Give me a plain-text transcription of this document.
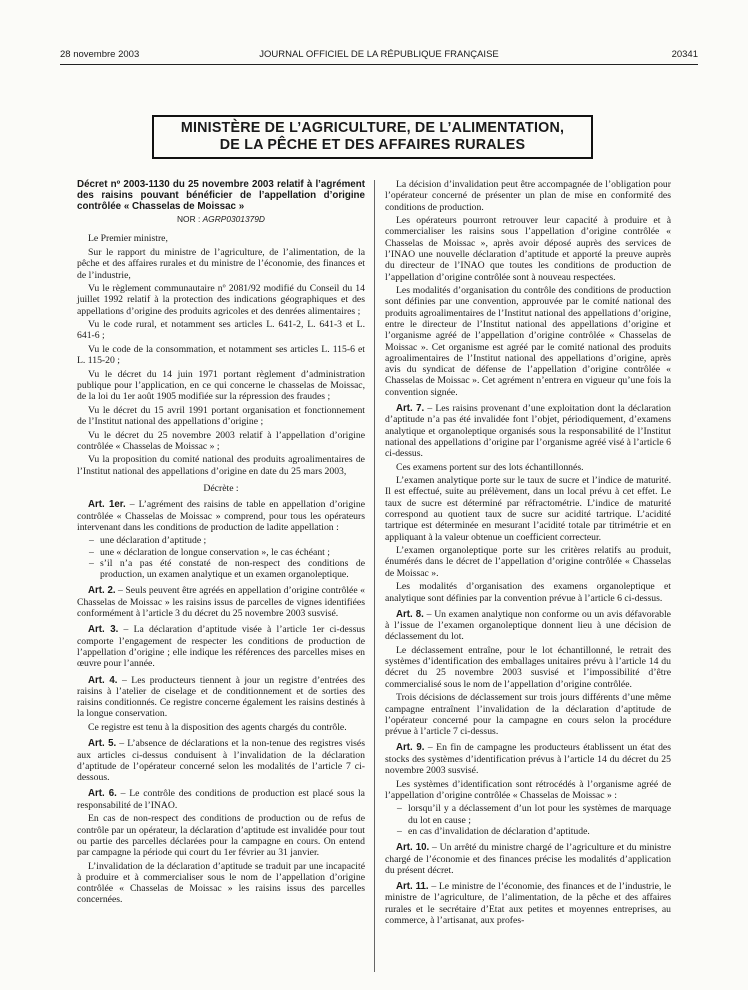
28 novembre 2003	JOURNAL OFFICIEL DE LA RÉPUBLIQUE FRANÇAISE	20341
MINISTÈRE DE L’AGRICULTURE, DE L’ALIMENTATION,
DE LA PÊCHE ET DES AFFAIRES RURALES

Décret nº 2003-1130 du 25 novembre 2003 relatif à l’agrément des raisins pouvant bénéficier de l’appellation d’origine contrôlée « Chasselas de Moissac »

NOR : AGRP0301379D

Le Premier ministre,

Sur le rapport du ministre de l’agriculture, de l’alimentation, de la pêche et des affaires rurales et du ministre de l’économie, des finances et de l’industrie,

Vu le règlement communautaire nº 2081/92 modifié du Conseil du 14 juillet 1992 relatif à la protection des indications géographiques et des appellations d’origine des produits agricoles et des denrées alimentaires ;

Vu le code rural, et notamment ses articles L. 641-2, L. 641-3 et L. 641-6 ;

Vu le code de la consommation, et notamment ses articles L. 115-6 et L. 115-20 ;

Vu le décret du 14 juin 1971 portant règlement d’administration publique pour l’application, en ce qui concerne le chasselas de Moissac, de la loi du 1er août 1905 modifiée sur la répression des fraudes ;

Vu le décret du 15 avril 1991 portant organisation et fonctionnement de l’Institut national des appellations d’origine ;

Vu le décret du 25 novembre 2003 relatif à l’appellation d’origine contrôlée « Chasselas de Moissac » ;

Vu la proposition du comité national des produits agroalimentaires de l’Institut national des appellations d’origine en date du 25 mars 2003,

Décrète :

Art. 1er. – L’agrément des raisins de table en appellation d’origine contrôlée « Chasselas de Moissac » comprend, pour tous les opérateurs intervenant dans les conditions de production de ladite appellation :

– une déclaration d’aptitude ;
– une « déclaration de longue conservation », le cas échéant ;
– s’il n’a pas été constaté de non-respect des conditions de production, un examen analytique et un examen organoleptique.

Art. 2. – Seuls peuvent être agréés en appellation d’origine contrôlée « Chasselas de Moissac » les raisins issus de parcelles de vignes identifiées conformément à l’article 3 du décret du 25 novembre 2003 susvisé.

Art. 3. – La déclaration d’aptitude visée à l’article 1er ci-dessus comporte l’engagement de respecter les conditions de production de l’appellation d’origine ; elle indique les références des parcelles mises en œuvre pour l’année.

Art. 4. – Les producteurs tiennent à jour un registre d’entrées des raisins à l’atelier de ciselage et de conditionnement et de sorties des raisins conditionnés. Ce registre concerne également les raisins destinés à la longue conservation.

Ce registre est tenu à la disposition des agents chargés du contrôle.

Art. 5. – L’absence de déclarations et la non-tenue des registres visés aux articles ci-dessus conduisent à l’invalidation de la déclaration d’aptitude de l’opérateur concerné selon les modalités de l’article 7 ci-dessous.

Art. 6. – Le contrôle des conditions de production est placé sous la responsabilité de l’INAO.

En cas de non-respect des conditions de production ou de refus de contrôle par un opérateur, la déclaration d’aptitude est invalidée pour tout ou partie des parcelles déclarées pour la campagne en cours. On entend par campagne la période qui court du 1er février au 31 janvier.

L’invalidation de la déclaration d’aptitude se traduit par une incapacité à produire et à commercialiser sous le nom de l’appellation d’origine contrôlée « Chasselas de Moissac » les raisins issus des parcelles concernées.

La décision d’invalidation peut être accompagnée de l’obligation pour l’opérateur concerné de présenter un plan de mise en conformité des conditions de production.

Les opérateurs pourront retrouver leur capacité à produire et à commercialiser les raisins sous l’appellation d’origine contrôlée « Chasselas de Moissac », après avoir déposé auprès des services de l’INAO une nouvelle déclaration d’aptitude et apporté la preuve auprès du directeur de l’INAO que toutes les conditions de production de l’appellation d’origine contrôlée sont à nouveau respectées.

Les modalités d’organisation du contrôle des conditions de production sont définies par une convention, approuvée par le comité national des produits agroalimentaires de l’Institut national des appellations d’origine, entre le directeur de l’Institut national des appellations d’origine et l’organisme agréé de l’appellation d’origine contrôlée « Chasselas de Moissac ». Cet organisme est agréé par le comité national des produits agroalimentaires de l’Institut national des appellations d’origine, après avis du syndicat de défense de l’appellation d’origine contrôlée « Chasselas de Moissac ». Cet agrément n’entrera en vigueur qu’une fois la convention signée.

Art. 7. – Les raisins provenant d’une exploitation dont la déclaration d’aptitude n’a pas été invalidée font l’objet, périodiquement, d’examens analytique et organoleptique organisés sous la responsabilité de l’Institut national des appellations d’origine par l’organisme agréé visé à l’article 6 ci-dessus.

Ces examens portent sur des lots échantillonnés.

L’examen analytique porte sur le taux de sucre et l’indice de maturité. Il est effectué, suite au prélèvement, dans un local prévu à cet effet. Le taux de sucre est déterminé par réfractométrie. L’indice de maturité correspond au quotient taux de sucre sur acidité tartrique. L’acidité tartrique est déterminée en mesurant l’acidité totale par titrimétrie et en appliquant à la valeur obtenue un coefficient correcteur.

L’examen organoleptique porte sur les critères relatifs au produit, énumérés dans le décret de l’appellation d’origine contrôlée « Chasselas de Moissac ».

Les modalités d’organisation des examens organoleptique et analytique sont définies par la convention prévue à l’article 6 ci-dessus.

Art. 8. – Un examen analytique non conforme ou un avis défavorable à l’issue de l’examen organoleptique donnent lieu à une décision de déclassement du lot.

Le déclassement entraîne, pour le lot échantillonné, le retrait des systèmes d’identification des emballages unitaires prévu à l’article 14 du décret du 25 novembre 2003 susvisé et l’impossibilité d’être commercialisé sous le nom de l’appellation d’origine contrôlée.

Trois décisions de déclassement sur trois jours différents d’une même campagne entraînent l’invalidation de la déclaration d’aptitude de l’opérateur concerné pour la campagne en cours selon la procédure prévue à l’article 7 ci-dessus.

Art. 9. – En fin de campagne les producteurs établissent un état des stocks des systèmes d’identification prévus à l’article 14 du décret du 25 novembre 2003 susvisé.

Les systèmes d’identification sont rétrocédés à l’organisme agréé de l’appellation d’origine contrôlée « Chasselas de Moissac » :

– lorsqu’il y a déclassement d’un lot pour les systèmes de marquage du lot en cause ;
– en cas d’invalidation de déclaration d’aptitude.

Art. 10. – Un arrêté du ministre chargé de l’agriculture et du ministre chargé de l’économie et des finances précise les modalités d’application du présent décret.

Art. 11. – Le ministre de l’économie, des finances et de l’industrie, le ministre de l’agriculture, de l’alimentation, de la pêche et des affaires rurales et le secrétaire d’Etat aux petites et moyennes entreprises, au commerce, à l’artisanat, aux profes-
